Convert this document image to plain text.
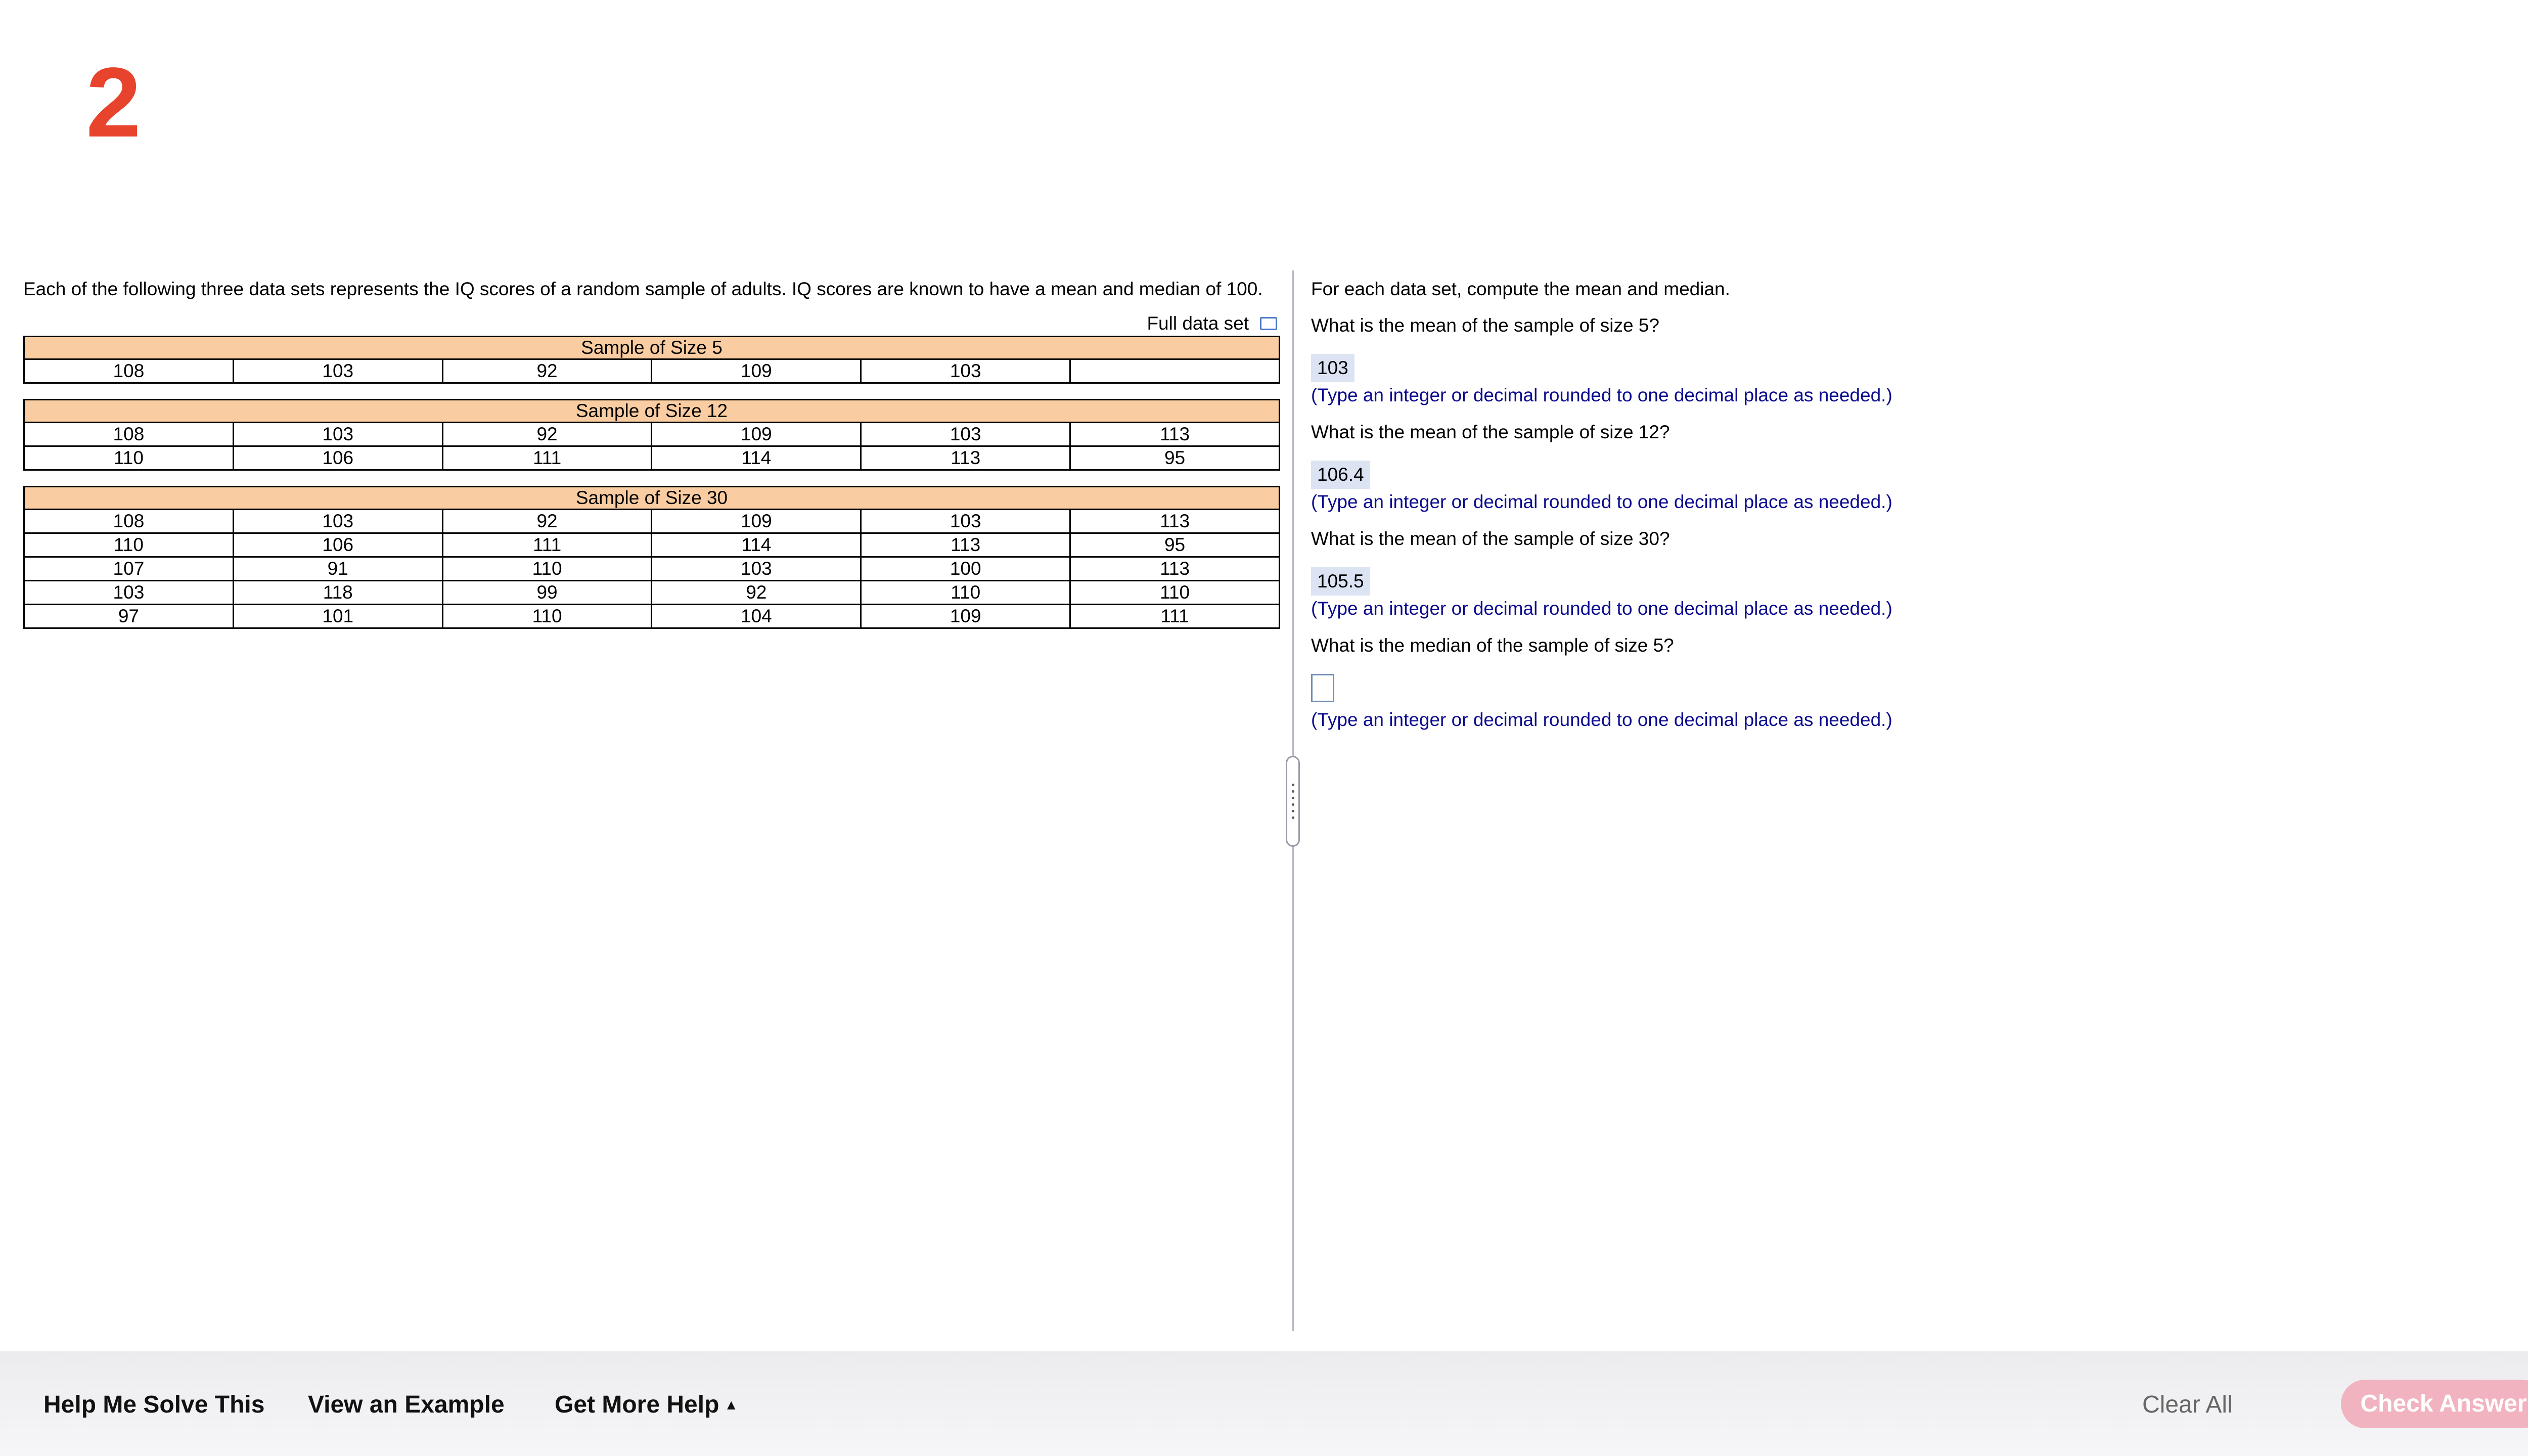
2

Each of the following three data sets represents the IQ scores of a random sample of adults. IQ scores are known to have a mean and median of 100.

Full data set
Sample of Size 5
108	103	92	109	103	
Sample of Size 12					
108	103	92	109	103	113
110	106	111	114	113	95
Sample of Size 30					
108	103	92	109	103	113
110	106	111	114	113	95
107	91	110	103	100	113
103	118	99	92	110	110
97	101	110	104	109	111
For each data set, compute the mean and median.
What is the mean of the sample of size 5?
103
(Type an integer or decimal rounded to one decimal place as needed.)
What is the mean of the sample of size 12?
106.4
(Type an integer or decimal rounded to one decimal place as needed.)
What is the mean of the sample of size 30?
105.5
(Type an integer or decimal rounded to one decimal place as needed.)
What is the median of the sample of size 5?
(Type an integer or decimal rounded to one decimal place as needed.)
Help Me Solve This View an Example Get More Help ▲	Clear All	Check Answer
